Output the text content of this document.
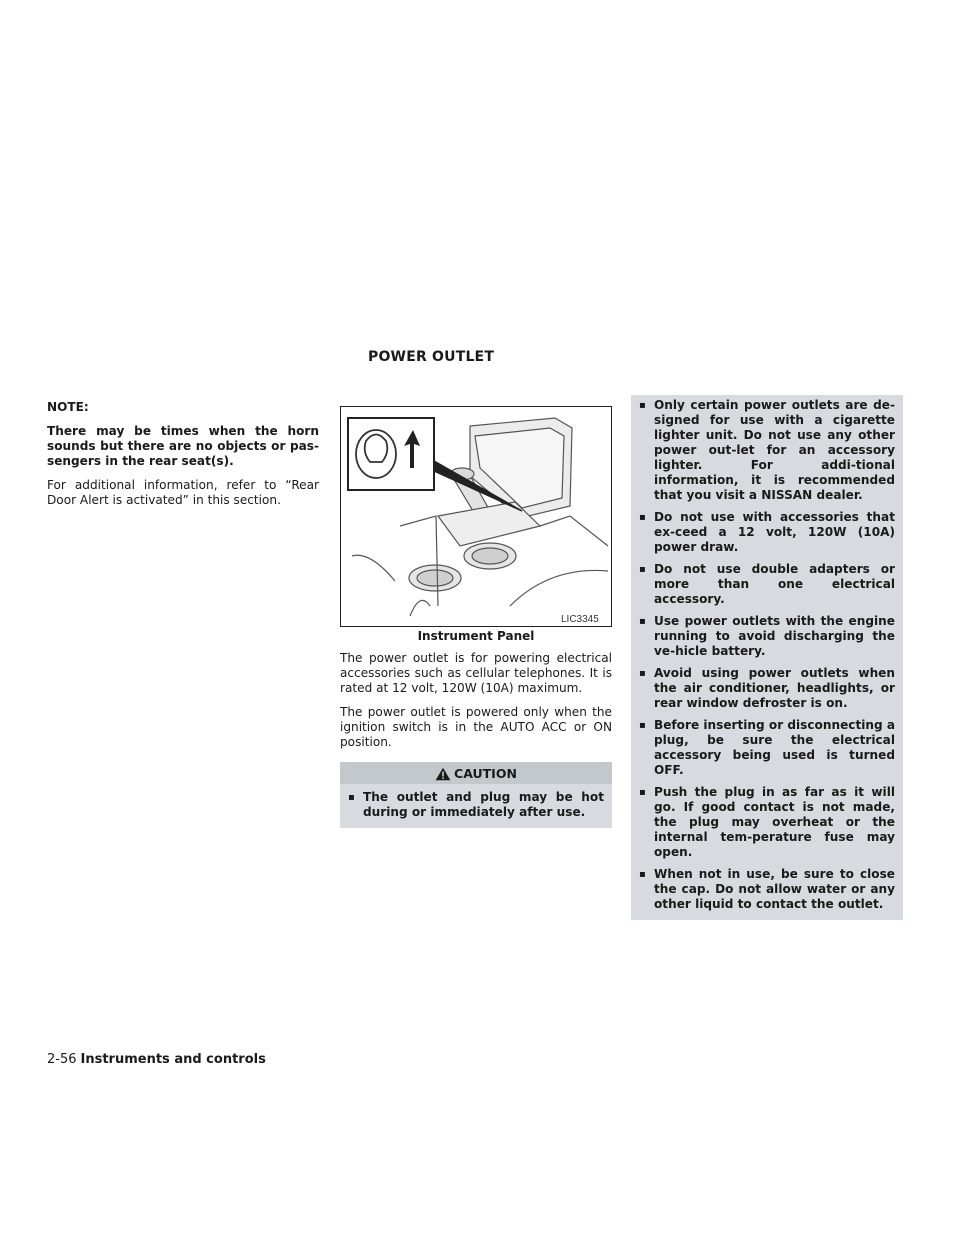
POWER OUTLET
NOTE:
There may be times when the horn sounds but there are no objects or pas-sengers in the rear seat(s).

For additional information, refer to “Rear Door Alert is activated” in this section.

LIC3345
Instrument Panel

The power outlet is for powering electrical accessories such as cellular telephones. It is rated at 12 volt, 120W (10A) maximum.

The power outlet is powered only when the ignition switch is in the AUTO ACC or ON position.

CAUTION
▪ The outlet and plug may be hot during or immediately after use.
▪ Only certain power outlets are de-signed for use with a cigarette lighter unit. Do not use any other power out-let for an accessory lighter. For addi-tional information, it is recommended that you visit a NISSAN dealer.
▪ Do not use with accessories that ex-ceed a 12 volt, 120W (10A) power draw.
▪ Do not use double adapters or more than one electrical accessory.
▪ Use power outlets with the engine running to avoid discharging the ve-hicle battery.
▪ Avoid using power outlets when the air conditioner, headlights, or rear window defroster is on.
▪ Before inserting or disconnecting a plug, be sure the electrical accessory being used is turned OFF.
▪ Push the plug in as far as it will go. If good contact is not made, the plug may overheat or the internal tem-perature fuse may open.
▪ When not in use, be sure to close the cap. Do not allow water or any other liquid to contact the outlet.
2-56 Instruments and controls
